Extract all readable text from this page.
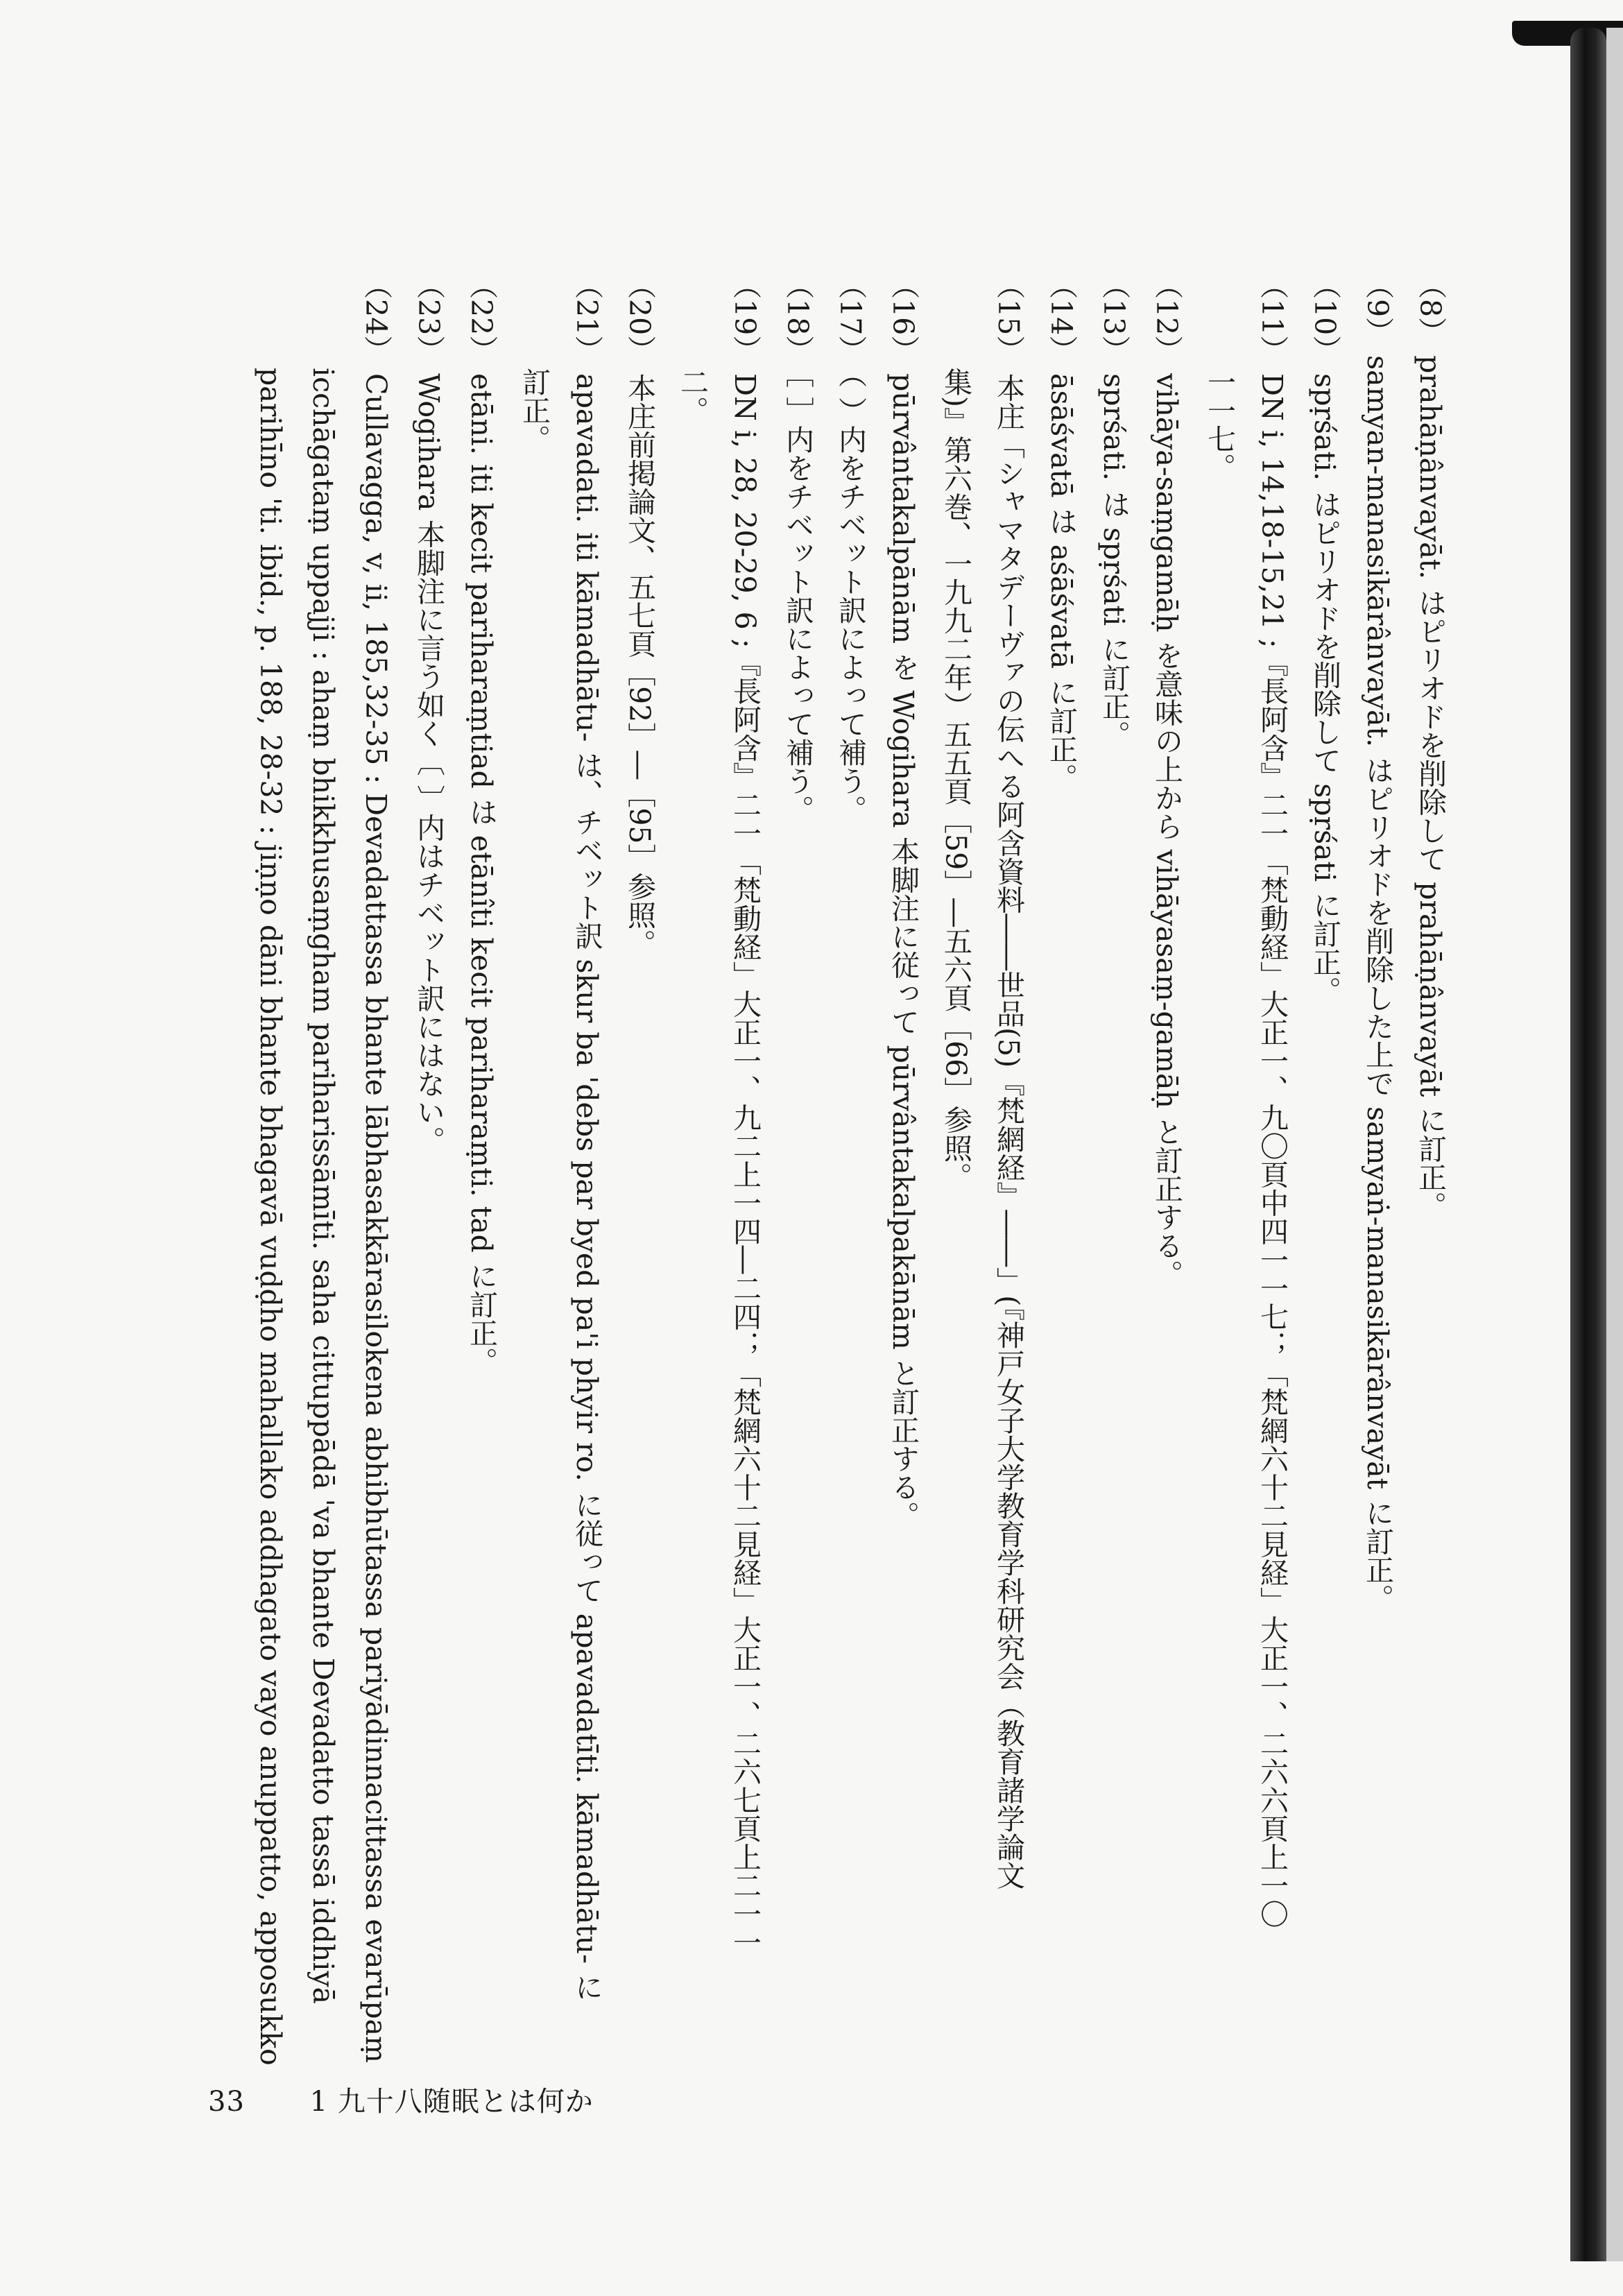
（8）prahāṇânvayāt. はピリオドを削除して prahāṇânvayāt に訂正。

（9）samyan-manasikārânvayāt. はピリオドを削除した上で samyaṅ-manasikārânvayāt に訂正。

（10）spṛśati. はピリオドを削除して spṛśati に訂正。

（11）DN i, 14,18-15,21 ;『長阿含』二一「梵動経」大正一、九〇頁中四一一七；「梵網六十二見経」大正一、二六六頁上一〇

一一七。

（12）vihāya-saṃgamāḥ を意味の上から vihāyasaṃ-gamāḥ と訂正する。

（13）sprśati. は spṛśati に訂正。

（14）āsāśvatā は aśāśvatā に訂正。

（15）本庄「シャマタデーヴァの伝へる阿含資料――世品(5)『梵網経』――」(『神戸女子大学教育学科研究会（教育諸学論文

集)』第六巻、一九九二年）五五頁［59］―五六頁［66］参照。

（16）pūrvântakalpānām を Wogihara 本脚注に従って pūrvântakalpakānām と訂正する。

（17）（ ）内をチベット訳によって補う。

（18）［ ］内をチベット訳によって補う。

（19）DN i, 28, 20-29, 6 ;『長阿含』二一「梵動経」大正一、九二上一四―二四；「梵網六十二見経」大正一、二六七頁上二一一

二。

（20）本庄前掲論文、五七頁［92］―［95］参照。

（21）apavadati. iti kāmadhātu- は、チベット訳 skur ba 'debs par byed pa'i phyir ro. に従って apavadatīti. kāmadhātu- に

訂正。

（22）etāni. iti kecit pariharaṃtiad は etānîti kecit pariharaṃti. tad に訂正。

（23）Wogihara 本脚注に言う如く〔 〕内はチベット訳にはない。

（24）Cullavagga, v, ii, 185,32-35 : Devadattassa bhante lābhasakkārasilokena abhibhūtassa pariyādinnacittassa evarūpaṃ

icchāgataṃ uppajji : ahaṃ bhikkhusaṃgham pariharissāmīti. saha cittuppādā 'va bhante Devadatto tassā iddhiyā

parihīno 'ti. ibid., p. 188, 28-32 : jiṇṇo dāni bhante bhagavā vuḍḍho mahallako addhagato vayo anuppatto, apposukko

33 1 九十八随眠とは何か
